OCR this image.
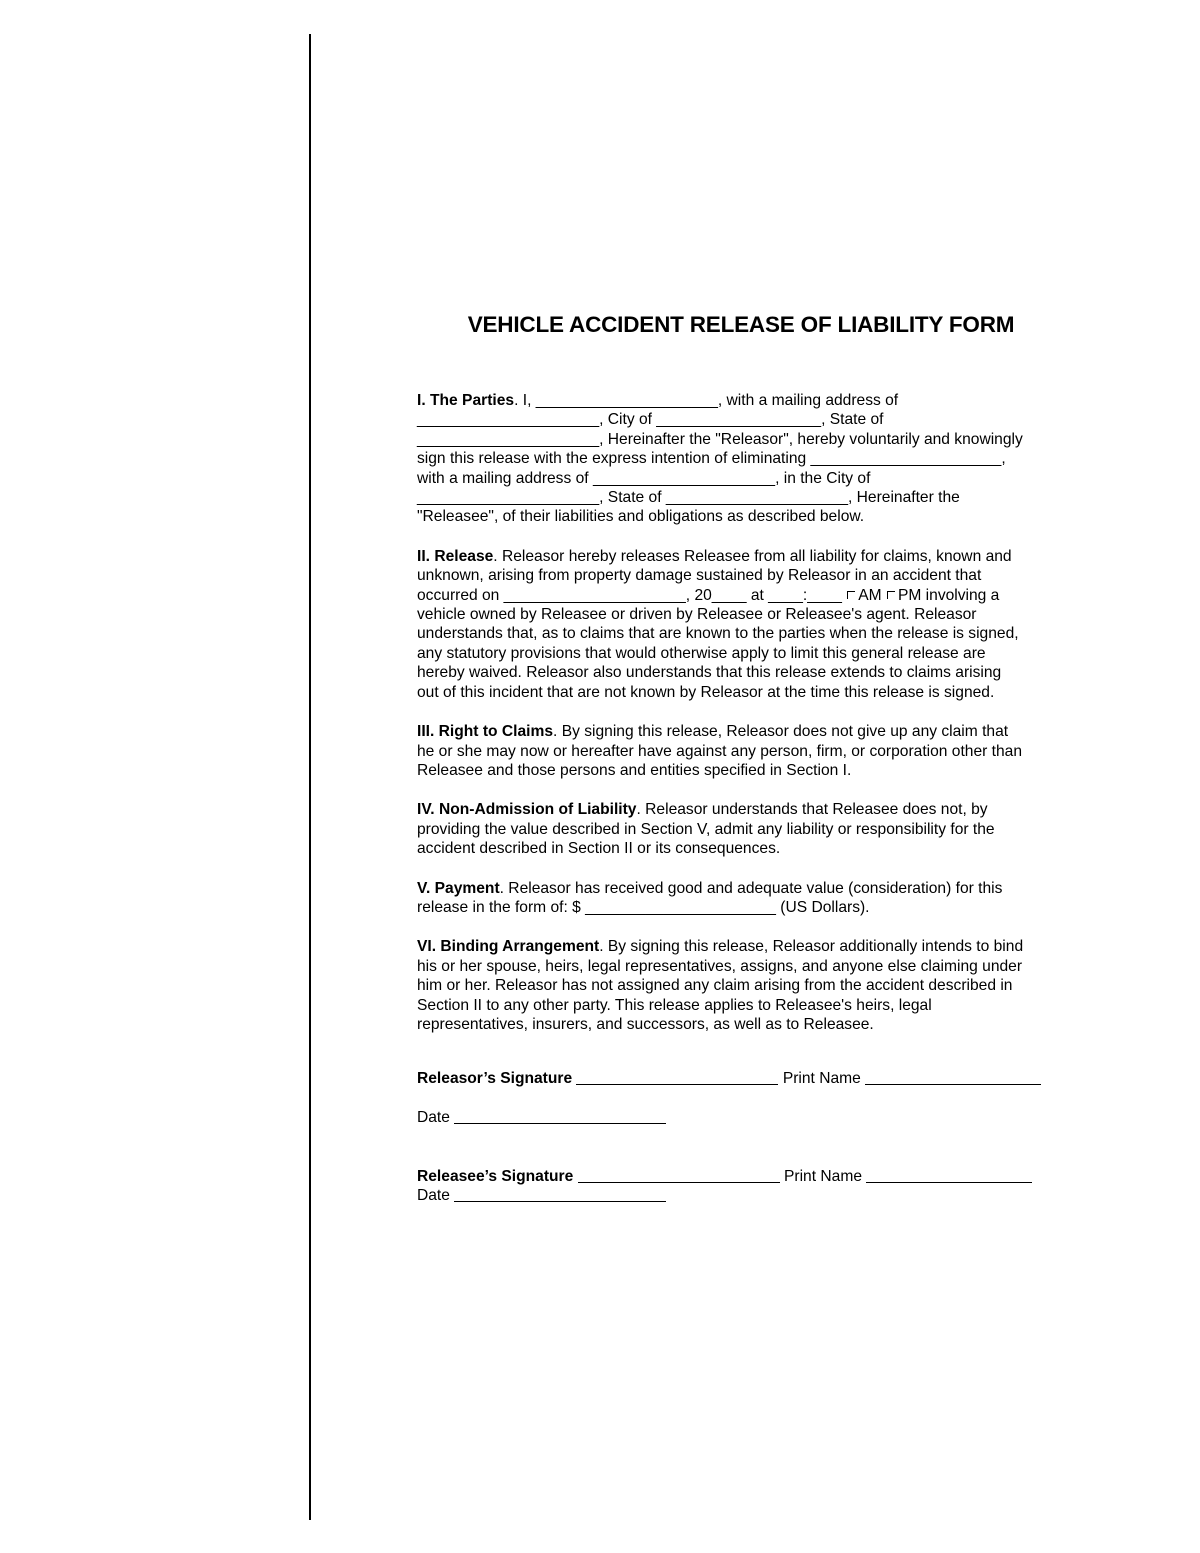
VEHICLE ACCIDENT RELEASE OF LIABILITY FORM
I. The Parties. I, _____________________, with a mailing address of
_____________________, City of ___________________, State of
_____________________, Hereinafter the "Releasor", hereby voluntarily and knowingly
sign this release with the express intention of eliminating ______________________,
with a mailing address of _____________________, in the City of
_____________________, State of _____________________, Hereinafter the
"Releasee", of their liabilities and obligations as described below.
II. Release. Releasor hereby releases Releasee from all liability for claims, known and
unknown, arising from property damage sustained by Releasor in an accident that
occurred on _____________________, 20____ at ____:____ AM PM involving a
vehicle owned by Releasee or driven by Releasee or Releasee's agent. Releasor
understands that, as to claims that are known to the parties when the release is signed,
any statutory provisions that would otherwise apply to limit this general release are
hereby waived. Releasor also understands that this release extends to claims arising
out of this incident that are not known by Releasor at the time this release is signed.
III. Right to Claims. By signing this release, Releasor does not give up any claim that
he or she may now or hereafter have against any person, firm, or corporation other than
Releasee and those persons and entities specified in Section I.
IV. Non-Admission of Liability. Releasor understands that Releasee does not, by
providing the value described in Section V, admit any liability or responsibility for the
accident described in Section II or its consequences.
V. Payment. Releasor has received good and adequate value (consideration) for this
release in the form of: $ ______________________ (US Dollars).
VI. Binding Arrangement. By signing this release, Releasor additionally intends to bind
his or her spouse, heirs, legal representatives, assigns, and anyone else claiming under
him or her. Releasor has not assigned any claim arising from the accident described in
Section II to any other party. This release applies to Releasee's heirs, legal
representatives, insurers, and successors, as well as to Releasee.
Releasor’s Signature	Print Name
Date
Releasee’s Signature	Print Name
Date
